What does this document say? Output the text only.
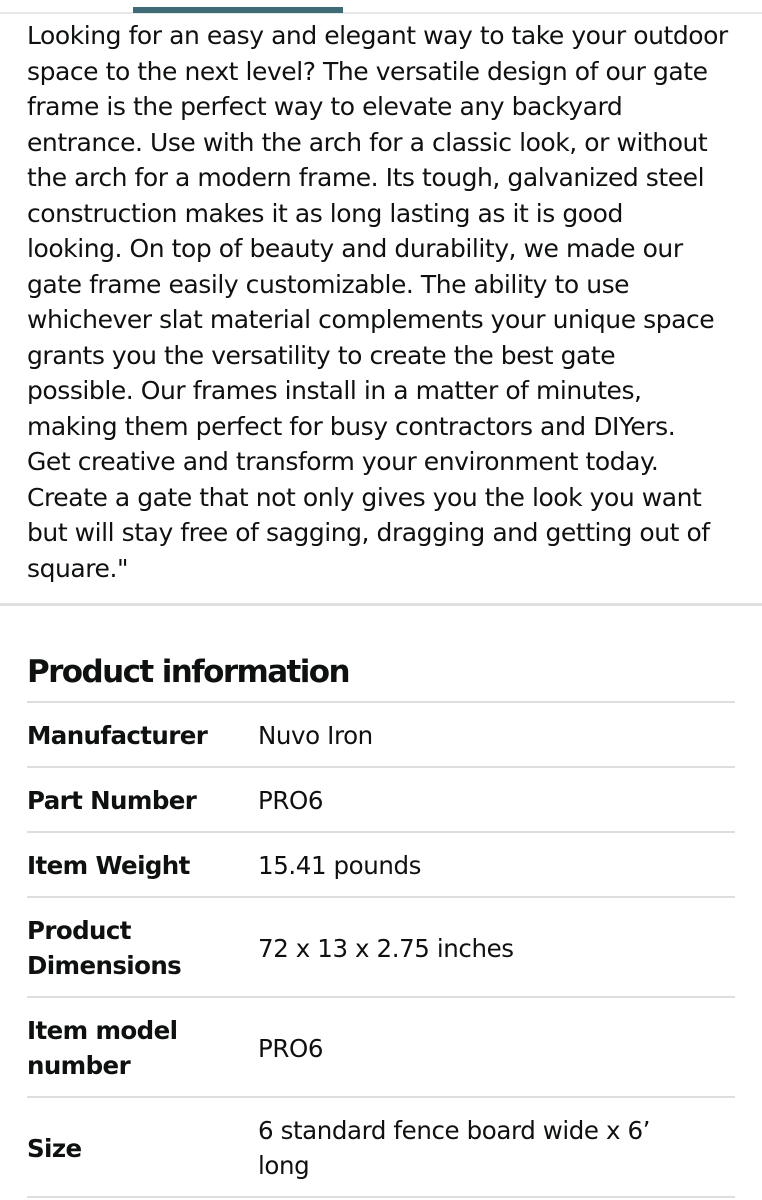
Looking for an easy and elegant way to take your outdoor
space to the next level? The versatile design of our gate
frame is the perfect way to elevate any backyard
entrance. Use with the arch for a classic look, or without
the arch for a modern frame. Its tough, galvanized steel
construction makes it as long lasting as it is good
looking. On top of beauty and durability, we made our
gate frame easily customizable. The ability to use
whichever slat material complements your unique space
grants you the versatility to create the best gate
possible. Our frames install in a matter of minutes,
making them perfect for busy contractors and DIYers.
Get creative and transform your environment today.
Create a gate that not only gives you the look you want
but will stay free of sagging, dragging and getting out of
square."

Product information
Manufacturer	Nuvo Iron
Part Number	PRO6
Item Weight	15.41 pounds
Product
Dimensions	72 x 13 x 2.75 inches
Item model
number	PRO6
Size	6 standard fence board wide x 6’
long
